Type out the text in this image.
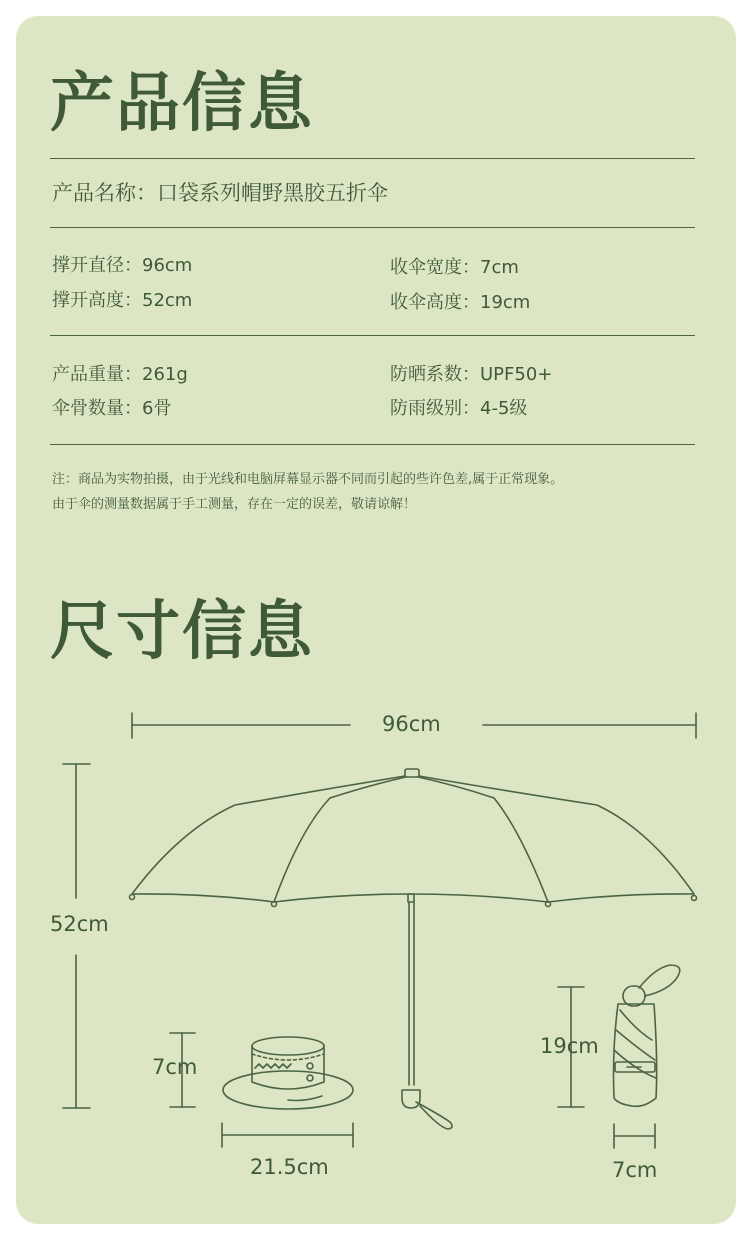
产品信息
产品名称：口袋系列帽野黑胶五折伞
撑开直径：96cm	收伞宽度：7cm
撑开高度：52cm	收伞高度：19cm
产品重量：261g	防晒系数：UPF50+
伞骨数量：6骨	防雨级别：4-5级
注：商品为实物拍摄，由于光线和电脑屏幕显示器不同而引起的些许色差,属于正常现象。
由于伞的测量数据属于手工测量，存在一定的误差，敬请谅解！
尺寸信息
96cm
52cm
7cm
21.5cm
19cm
7cm
